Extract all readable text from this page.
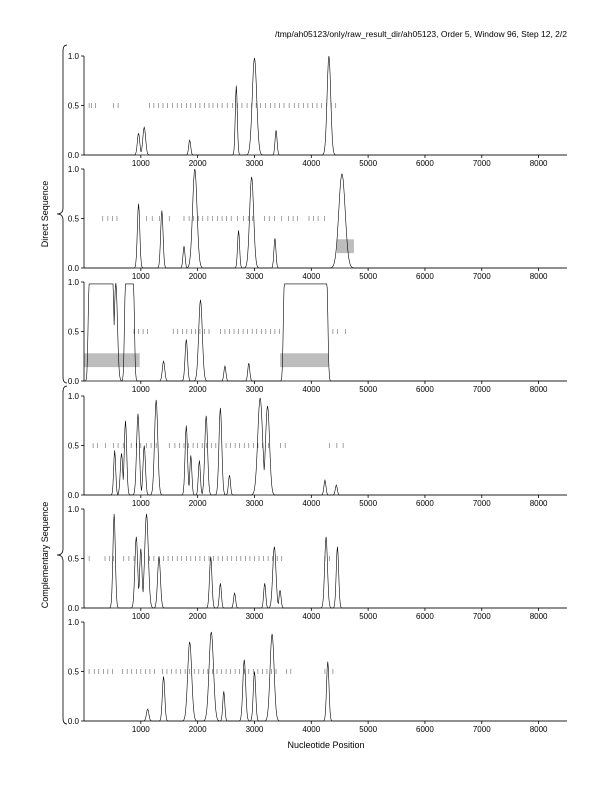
/tmp/ah05123/only/raw_result_dir/ah05123, Order 5, Window 96, Step 12, 2/2
0.0
0.5
1.0
1000	2000	3000	4000	5000	6000	7000	8000
0.0
0.5
1.0
1000	2000	3000	4000	5000	6000	7000	8000
0.0
0.5
1.0
1000	2000	3000	4000	5000	6000	7000	8000
0.0
0.5
1.0
1000	2000	3000	4000	5000	6000	7000	8000
0.0
0.5
1.0
1000	2000	3000	4000	5000	6000	7000	8000
0.0
0.5
1.0
1000	2000	3000	4000	5000	6000	7000	8000
Direct Sequence
Complementary Sequence
Nucleotide Position
